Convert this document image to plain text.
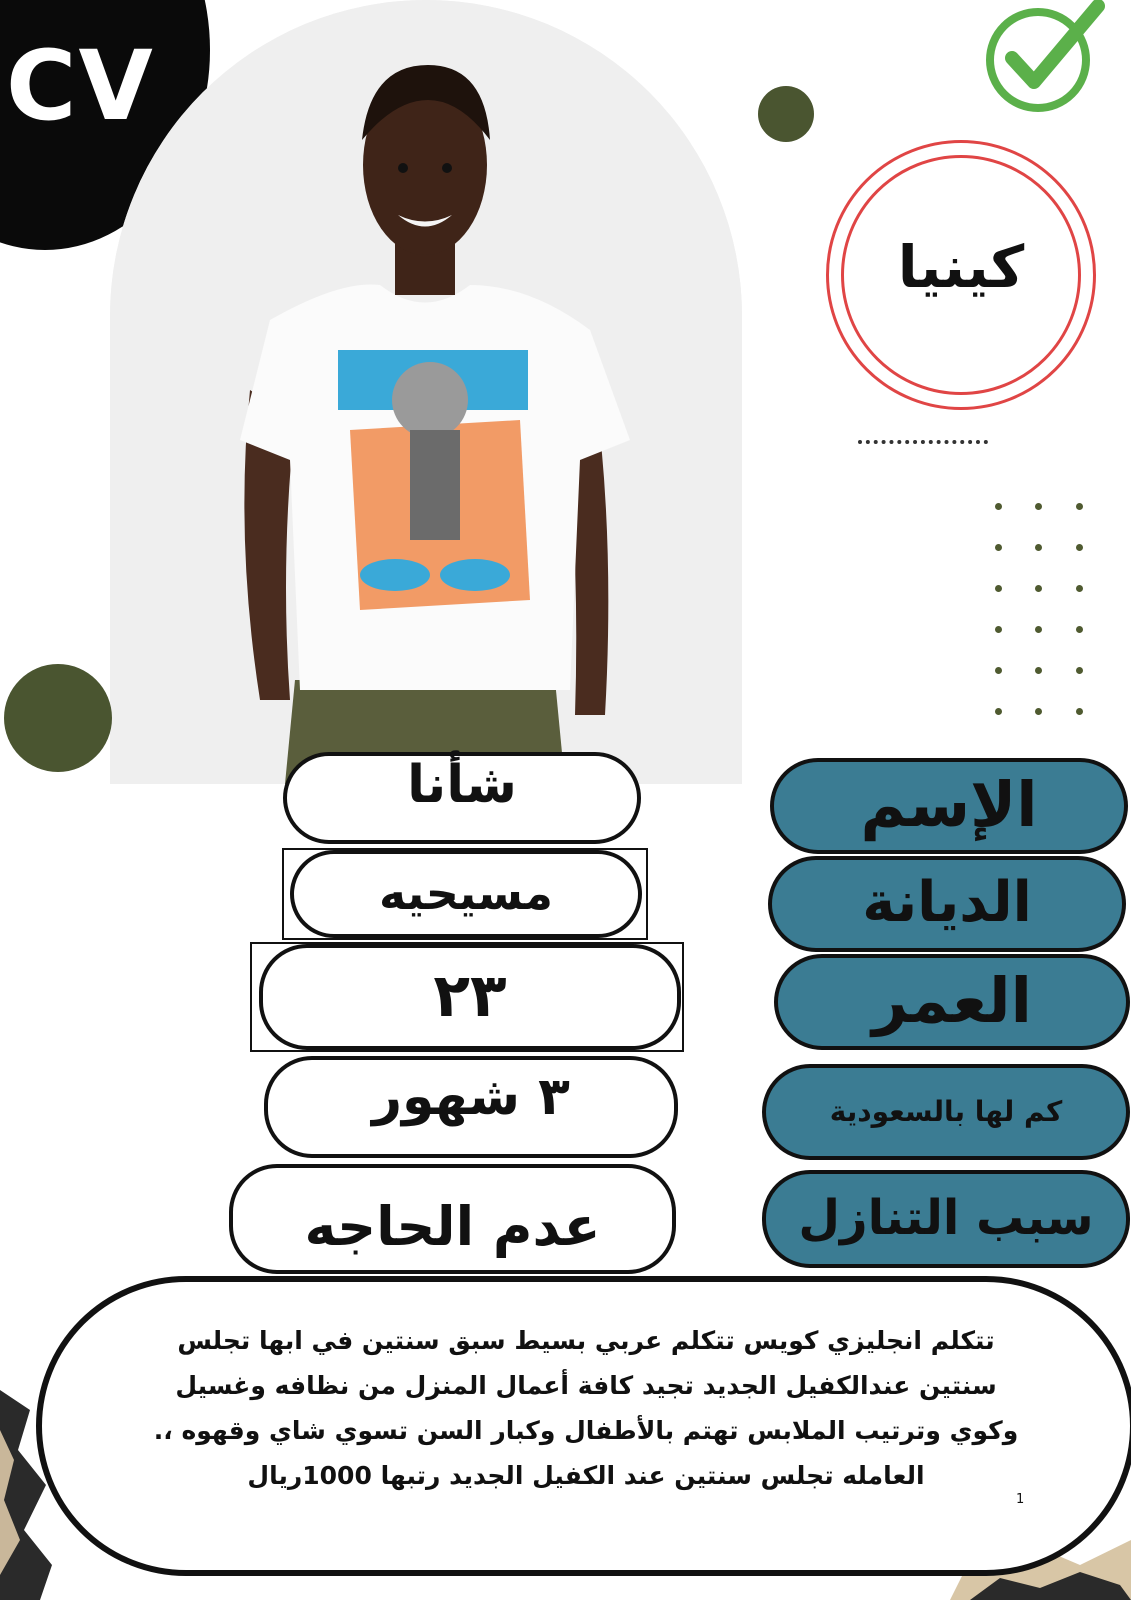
CV
كينيا
الإسم
الديانة
العمر
كم لها بالسعودية
سبب التنازل
شأنا
مسيحيه
٢٣
٣ شهور
عدم الحاجه
تتكلم انجليزي كويس تتكلم عربي بسيط سبق سنتين في ابها تجلس
سنتين عندالكفيل الجديد تجيد كافة أعمال المنزل من نظافه وغسيل
وكوي وترتيب الملابس تهتم بالأطفال وكبار السن تسوي شاي وقهوه ،.
العامله تجلس سنتين عند الكفيل الجديد رتبها 1000ريال
1
